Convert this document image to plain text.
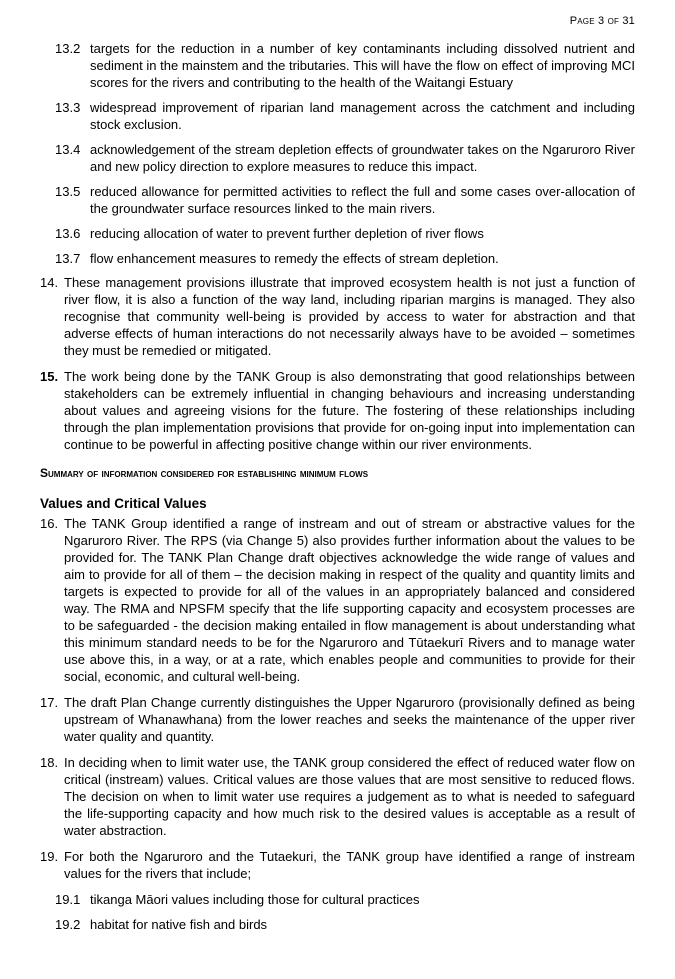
Page 3 of 31
13.2 targets for the reduction in a number of key contaminants including dissolved nutrient and sediment in the mainstem and the tributaries. This will have the flow on effect of improving MCI scores for the rivers and contributing to the health of the Waitangi Estuary
13.3 widespread improvement of riparian land management across the catchment and including stock exclusion.
13.4 acknowledgement of the stream depletion effects of groundwater takes on the Ngaruroro River and new policy direction to explore measures to reduce this impact.
13.5 reduced allowance for permitted activities to reflect the full and some cases over-allocation of the groundwater surface resources linked to the main rivers.
13.6 reducing allocation of water to prevent further depletion of river flows
13.7 flow enhancement measures to remedy the effects of stream depletion.
14. These management provisions illustrate that improved ecosystem health is not just a function of river flow, it is also a function of the way land, including riparian margins is managed. They also recognise that community well-being is provided by access to water for abstraction and that adverse effects of human interactions do not necessarily always have to be avoided – sometimes they must be remedied or mitigated.
15. The work being done by the TANK Group is also demonstrating that good relationships between stakeholders can be extremely influential in changing behaviours and increasing understanding about values and agreeing visions for the future. The fostering of these relationships including through the plan implementation provisions that provide for on-going input into implementation can continue to be powerful in affecting positive change within our river environments.
Summary of information considered for establishing minimum flows
Values and Critical Values
16. The TANK Group identified a range of instream and out of stream or abstractive values for the Ngaruroro River. The RPS (via Change 5) also provides further information about the values to be provided for. The TANK Plan Change draft objectives acknowledge the wide range of values and aim to provide for all of them – the decision making in respect of the quality and quantity limits and targets is expected to provide for all of the values in an appropriately balanced and considered way. The RMA and NPSFM specify that the life supporting capacity and ecosystem processes are to be safeguarded - the decision making entailed in flow management is about understanding what this minimum standard needs to be for the Ngaruroro and Tūtaekurī Rivers and to manage water use above this, in a way, or at a rate, which enables people and communities to provide for their social, economic, and cultural well-being.
17. The draft Plan Change currently distinguishes the Upper Ngaruroro (provisionally defined as being upstream of Whanawhana) from the lower reaches and seeks the maintenance of the upper river water quality and quantity.
18. In deciding when to limit water use, the TANK group considered the effect of reduced water flow on critical (instream) values. Critical values are those values that are most sensitive to reduced flows. The decision on when to limit water use requires a judgement as to what is needed to safeguard the life-supporting capacity and how much risk to the desired values is acceptable as a result of water abstraction.
19. For both the Ngaruroro and the Tutaekuri, the TANK group have identified a range of instream values for the rivers that include;
19.1 tikanga Māori values including those for cultural practices
19.2 habitat for native fish and birds
